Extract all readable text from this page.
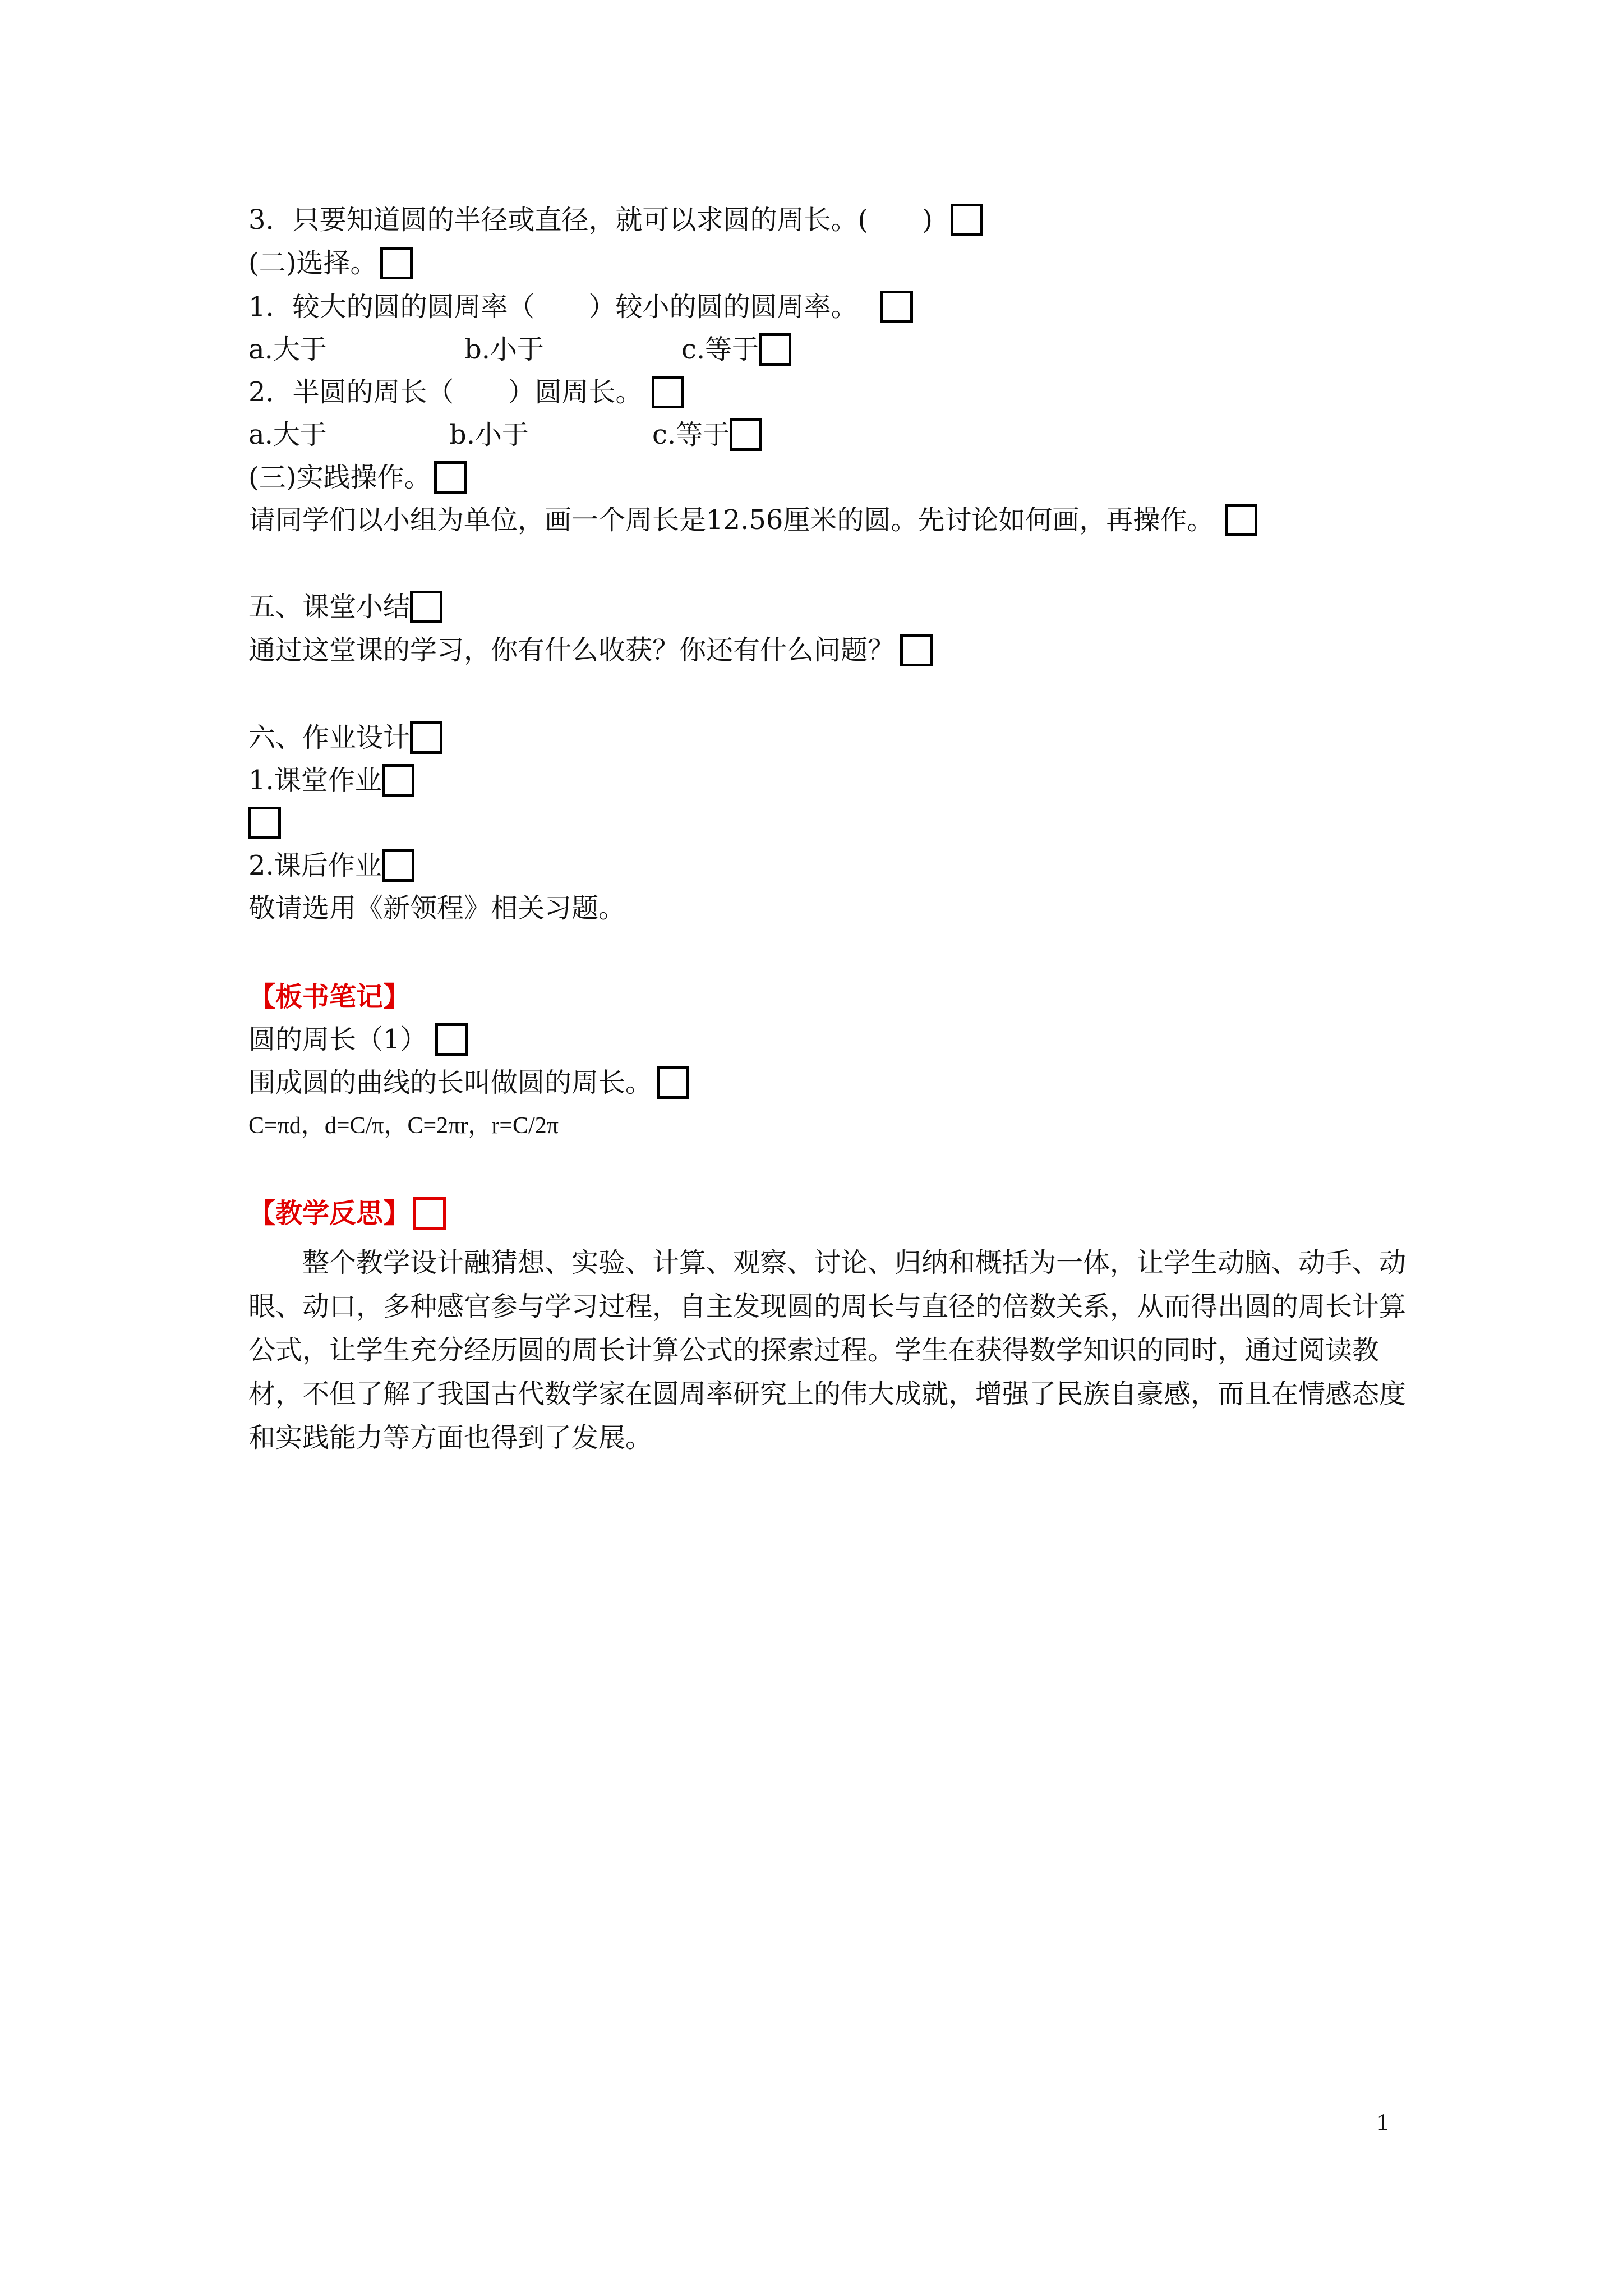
3．只要知道圆的半径或直径，就可以求圆的周长。(　　)
(二)选择。
1．较大的圆的圆周率（　　）较小的圆的圆周率。
a.大于	b.小于	c.等于
2．半圆的周长（　　）圆周长。
a.大于	b.小于	c.等于
(三)实践操作。
请同学们以小组为单位，画一个周长是12.56厘米的圆。先讨论如何画，再操作。
五、课堂小结
通过这堂课的学习，你有什么收获？你还有什么问题？
六、作业设计
1.课堂作业
2.课后作业
敬请选用《新领程》相关习题。
【板书笔记】
圆的周长（1）
围成圆的曲线的长叫做圆的周长。
C=πd，d=C/π，C=2πr，r=C/2π
【教学反思】
整个教学设计融猜想、实验、计算、观察、讨论、归纳和概括为一体，让学生动脑、动手、动眼、动口，多种感官参与学习过程，自主发现圆的周长与直径的倍数关系，从而得出圆的周长计算公式，让学生充分经历圆的周长计算公式的探索过程。学生在获得数学知识的同时，通过阅读教材，不但了解了我国古代数学家在圆周率研究上的伟大成就，增强了民族自豪感，而且在情感态度和实践能力等方面也得到了发展。
1
